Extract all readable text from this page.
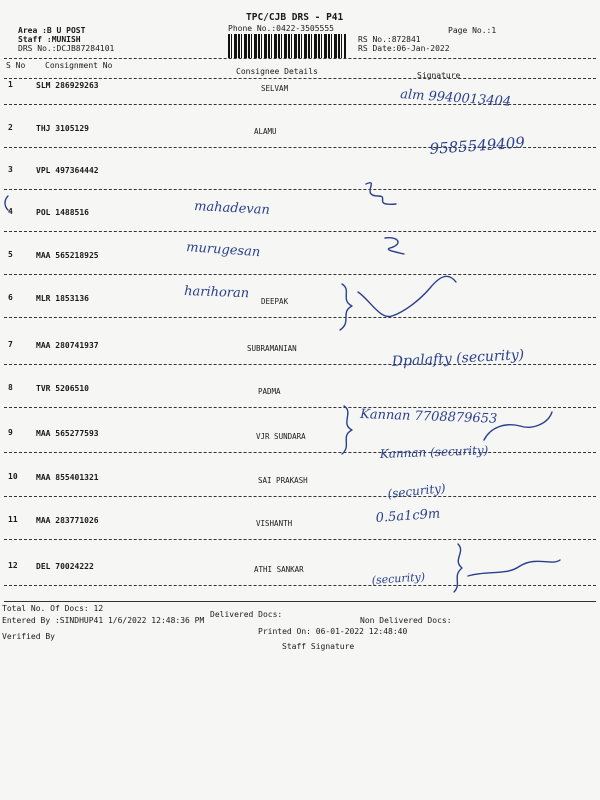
TPC/CJB DRS - P41
Phone No.:0422-3505555
Area :B U POST
Staff :MUNISH
DRS No.:DCJB87284101
Page No.:1
RS No.:872841
RS Date:06-Jan-2022
S No Consignment No
Consignee Details	Signature
1	SLM 286929263	SELVAM
2	THJ 3105129	ALAMU
3	VPL 497364442
4	POL 1488516
5	MAA 565218925
6	MLR 1853136	DEEPAK
7	MAA 280741937	SUBRAMANIAN
8	TVR 5206510	PADMA
9	MAA 565277593	VJR SUNDARA
10 MAA 855401321	SAI PRAKASH
11 MAA 283771026	VISHANTH
12 DEL 70024222	ATHI SANKAR
Total No. Of Docs: 12
Delivered Docs:
Non Delivered Docs:
Entered By :SINDHUP41 1/6/2022 12:48:36 PM
Printed On: 06-01-2022 12:48:40
Verified By
Staff Signature
alm 9940013404
9585549409
mahadevan
murugesan
harihoran
Dpalafty (security)
Kannan 7708879653
Kannan (security)
(security)
0.5a1c9m
(security)
